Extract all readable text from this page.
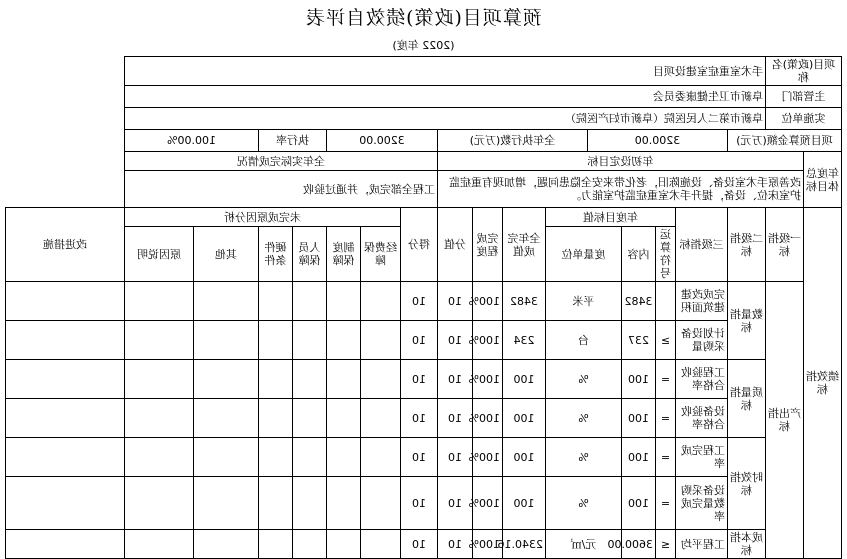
预算项目(政策)绩效自评表
(2022 年度)
项目(政策)名称		手术室重症室建设项目																
主管部门		阜新市卫生健康委员会																
实施单位		阜新市第二人民医院（阜新市妇产医院）																
项目预算金额(万元)			3200.00				全年执行数(万元)				3200.00			执行率		100.00%		
年度总体目标	年初设定目标										全年实际完成情况							
	改善原手术室设备、设施陈旧，老化带来安全隐患问题，增加现有重症监护室床位、设备，提升手术室重症监护室能力。										工程全部完成，并通过验收							
绩效指标	一级指标	二级指标	三级指标	年度目标值				全年完成值	完成程度	分值	得分	未完成原因分析						改进措施
				运算符号	内容	度量单位						经费保障	制度保障	人员保障	硬件条件	其他	原因说明	
	产出指标	数量指标	完成改建建筑面积		3482	平米		3482	100%	10	10							
			计划设备采购量	≥	237	台		234	100%	10	10							
		质量指标	工程验收合格率	=	100	%		100	100%	10	10							
			设备验收合格率	=	100	%		100	100%	10	10							
		时效指标	工程完成率	=	100	%		100	100%	10	10							
			设备采购数量完成率	=	100	%		100	100%	10	10							
		成本指标	工程平均	≤	3600.00	元/㎡		2340.16	100%	10	10							
